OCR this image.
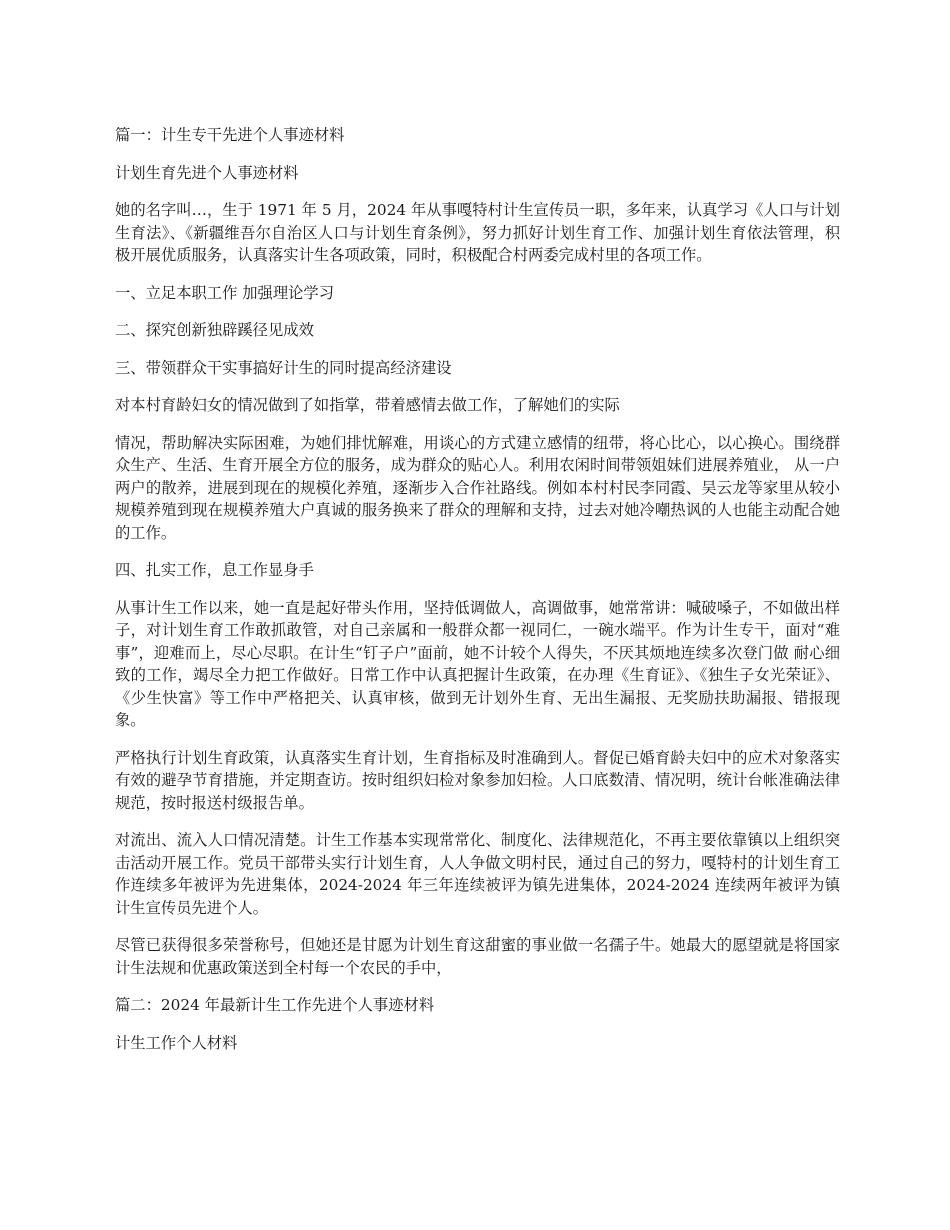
篇一：计生专干先进个人事迹材料

计划生育先进个人事迹材料

她的名字叫…，生于 1971 年 5 月，2024 年从事嘎特村计生宣传员一职，多年来，认真学习《人口与计划生育法》、《新疆维吾尔自治区人口与计划生育条例》，努力抓好计划生育工作、加强计划生育依法管理，积极开展优质服务，认真落实计生各项政策，同时，积极配合村两委完成村里的各项工作。

一、立足本职工作 加强理论学习

二、探究创新独辟蹊径见成效

三、带领群众干实事搞好计生的同时提高经济建设

对本村育龄妇女的情况做到了如指掌，带着感情去做工作，了解她们的实际

情况，帮助解决实际困难，为她们排忧解难，用谈心的方式建立感情的纽带，将心比心，以心换心。围绕群众生产、生活、生育开展全方位的服务，成为群众的贴心人。利用农闲时间带领姐妹们进展养殖业， 从一户两户的散养，进展到现在的规模化养殖，逐渐步入合作社路线。例如本村村民李同霞、吴云龙等家里从较小规模养殖到现在规模养殖大户真诚的服务换来了群众的理解和支持，过去对她冷嘲热讽的人也能主动配合她的工作。

四、扎实工作，息工作显身手

从事计生工作以来，她一直是起好带头作用，坚持低调做人，高调做事，她常常讲：喊破嗓子，不如做出样子，对计划生育工作敢抓敢管，对自己亲属和一般群众都一视同仁，一碗水端平。作为计生专干，面对“难事”，迎难而上，尽心尽职。在计生“钉子户”面前，她不计较个人得失，不厌其烦地连续多次登门做 耐心细致的工作，竭尽全力把工作做好。日常工作中认真把握计生政策，在办理《生育证》、《独生子女光荣证》、《少生快富》等工作中严格把关、认真审核，做到无计划外生育、无出生漏报、无奖励扶助漏报、错报现象。

严格执行计划生育政策，认真落实生育计划，生育指标及时准确到人。督促已婚育龄夫妇中的应术对象落实有效的避孕节育措施，并定期查访。按时组织妇检对象参加妇检。人口底数清、情况明，统计台帐准确法律规范，按时报送村级报告单。

对流出、流入人口情况清楚。计生工作基本实现常常化、制度化、法律规范化，不再主要依靠镇以上组织突击活动开展工作。党员干部带头实行计划生育，人人争做文明村民，通过自己的努力，嘎特村的计划生育工作连续多年被评为先进集体，2024-2024 年三年连续被评为镇先进集体，2024-2024 连续两年被评为镇计生宣传员先进个人。

尽管已获得很多荣誉称号，但她还是甘愿为计划生育这甜蜜的事业做一名孺子牛。她最大的愿望就是将国家计生法规和优惠政策送到全村每一个农民的手中，

篇二：2024 年最新计生工作先进个人事迹材料

计生工作个人材料
